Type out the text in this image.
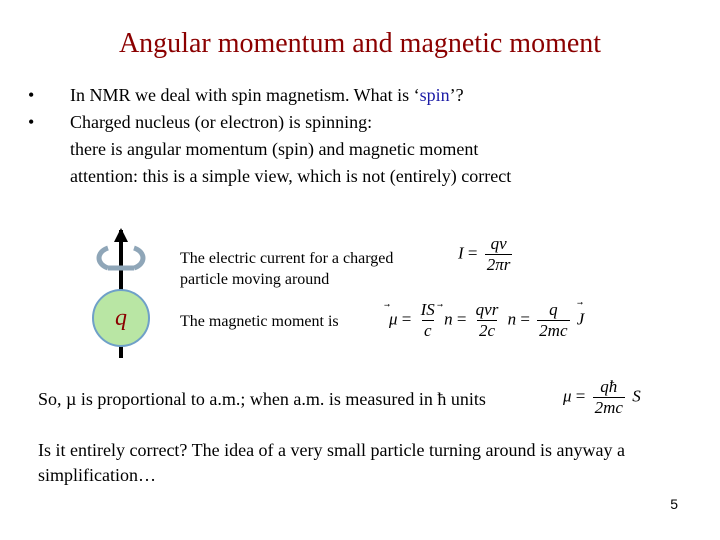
Angular momentum and magnetic moment
•	In NMR we deal with spin magnetism. What is ‘spin’?
•	Charged nucleus (or electron) is spinning:
there is angular momentum (spin) and magnetic moment
attention: this is a simple view, which is not (entirely) correct
q
The electric current for a charged
particle moving around
$I = \frac{qv}{2\pi r}$
The magnetic moment is	$\mu = \frac{IS}{c}$ $n = \frac{\text{qvr}}{2c}$ $n = \frac{q}{2mc}$ J
So, µ is proportional to a.m.; when a.m. is measured in ħ units	$\mu = \frac{qħ}{2mc}$ S
Is it entirely correct? The idea of a very small particle turning around is anyway a simplification…
5
